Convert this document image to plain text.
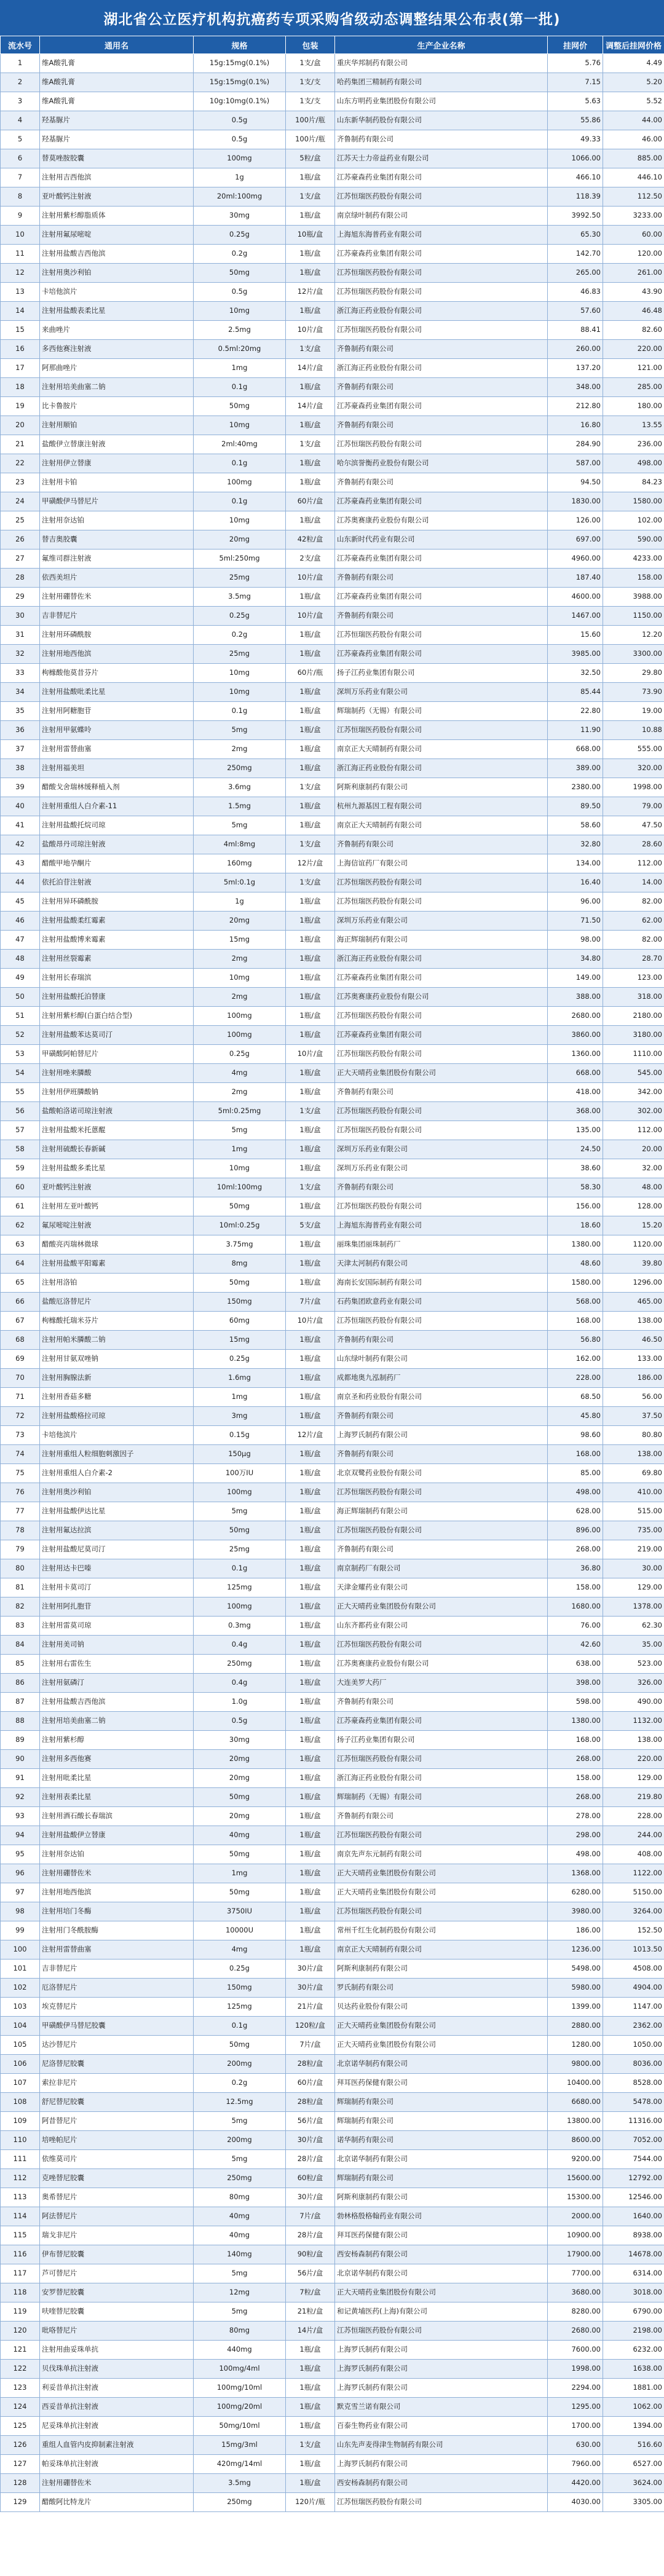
湖北省公立医疗机构抗癌药专项采购省级动态调整结果公布表(第一批)
流水号	通用名	规格	包装	生产企业名称	挂网价	调整后挂网价格
1	维A酸乳膏	15g:15mg(0.1%)	1支/盒	重庆华邦制药有限公司	5.76	4.49
2	维A酸乳膏	15g:15mg(0.1%)	1支/支	哈药集团三精制药有限公司	7.15	5.20
3	维A酸乳膏	10g:10mg(0.1%)	1支/支	山东方明药业集团股份有限公司	5.63	5.52
4	羟基脲片	0.5g	100片/瓶	山东新华制药股份有限公司	55.86	44.00
5	羟基脲片	0.5g	100片/瓶	齐鲁制药有限公司	49.33	46.00
6	替莫唑胺胶囊	100mg	5粒/盒	江苏天士力帝益药业有限公司	1066.00	885.00
7	注射用吉西他滨	1g	1瓶/盒	江苏豪森药业集团有限公司	466.10	446.10
8	亚叶酸钙注射液	20ml:100mg	1支/盒	江苏恒瑞医药股份有限公司	118.39	112.50
9	注射用紫杉醇脂质体	30mg	1瓶/盒	南京绿叶制药有限公司	3992.50	3233.00
10	注射用氟尿嘧啶	0.25g	10瓶/盒	上海旭东海普药业有限公司	65.30	60.00
11	注射用盐酸吉西他滨	0.2g	1瓶/盒	江苏豪森药业集团有限公司	142.70	120.00
12	注射用奥沙利铂	50mg	1瓶/盒	江苏恒瑞医药股份有限公司	265.00	261.00
13	卡培他滨片	0.5g	12片/盒	江苏恒瑞医药股份有限公司	46.83	43.90
14	注射用盐酸表柔比星	10mg	1瓶/盒	浙江海正药业股份有限公司	57.60	46.48
15	来曲唑片	2.5mg	10片/盒	江苏恒瑞医药股份有限公司	88.41	82.60
16	多西他赛注射液	0.5ml:20mg	1支/盒	齐鲁制药有限公司	260.00	220.00
17	阿那曲唑片	1mg	14片/盒	浙江海正药业股份有限公司	137.20	121.00
18	注射用培美曲塞二钠	0.1g	1瓶/盒	齐鲁制药有限公司	348.00	285.00
19	比卡鲁胺片	50mg	14片/盒	江苏豪森药业集团有限公司	212.80	180.00
20	注射用顺铂	10mg	1瓶/盒	齐鲁制药有限公司	16.80	13.55
21	盐酸伊立替康注射液	2ml:40mg	1支/盒	江苏恒瑞医药股份有限公司	284.90	236.00
22	注射用伊立替康	0.1g	1瓶/盒	哈尔滨誉衡药业股份有限公司	587.00	498.00
23	注射用卡铂	100mg	1瓶/盒	齐鲁制药有限公司	94.50	84.23
24	甲磺酸伊马替尼片	0.1g	60片/盒	江苏豪森药业集团有限公司	1830.00	1580.00
25	注射用奈达铂	10mg	1瓶/盒	江苏奥赛康药业股份有限公司	126.00	102.00
26	替吉奥胶囊	20mg	42粒/盒	山东新时代药业有限公司	697.00	590.00
27	氟维司群注射液	5ml:250mg	2支/盒	江苏豪森药业集团有限公司	4960.00	4233.00
28	依西美坦片	25mg	10片/盒	齐鲁制药有限公司	187.40	158.00
29	注射用硼替佐米	3.5mg	1瓶/盒	江苏豪森药业集团有限公司	4600.00	3988.00
30	吉非替尼片	0.25g	10片/盒	齐鲁制药有限公司	1467.00	1150.00
31	注射用环磷酰胺	0.2g	1瓶/盒	江苏恒瑞医药股份有限公司	15.60	12.20
32	注射用地西他滨	25mg	1瓶/盒	江苏豪森药业集团有限公司	3985.00	3300.00
33	枸橼酸他莫昔芬片	10mg	60片/瓶	扬子江药业集团有限公司	32.50	29.80
34	注射用盐酸吡柔比星	10mg	1瓶/盒	深圳万乐药业有限公司	85.44	73.90
35	注射用阿糖胞苷	0.1g	1瓶/盒	辉瑞制药（无锡）有限公司	22.80	19.00
36	注射用甲氨蝶呤	5mg	1瓶/盒	江苏恒瑞医药股份有限公司	11.90	10.88
37	注射用雷替曲塞	2mg	1瓶/盒	南京正大天晴制药有限公司	668.00	555.00
38	注射用福美坦	250mg	1瓶/盒	浙江海正药业股份有限公司	389.00	320.00
39	醋酸戈舍瑞林缓释植入剂	3.6mg	1支/盒	阿斯利康制药有限公司	2380.00	1998.00
40	注射用重组人白介素-11	1.5mg	1瓶/盒	杭州九源基因工程有限公司	89.50	79.00
41	注射用盐酸托烷司琼	5mg	1瓶/盒	南京正大天晴制药有限公司	58.60	47.50
42	盐酸昂丹司琼注射液	4ml:8mg	1支/盒	齐鲁制药有限公司	32.80	28.60
43	醋酸甲地孕酮片	160mg	12片/盒	上海信谊药厂有限公司	134.00	112.00
44	依托泊苷注射液	5ml:0.1g	1支/盒	江苏恒瑞医药股份有限公司	16.40	14.00
45	注射用异环磷酰胺	1g	1瓶/盒	江苏恒瑞医药股份有限公司	96.00	82.00
46	注射用盐酸柔红霉素	20mg	1瓶/盒	深圳万乐药业有限公司	71.50	62.00
47	注射用盐酸博来霉素	15mg	1瓶/盒	海正辉瑞制药有限公司	98.00	82.00
48	注射用丝裂霉素	2mg	1瓶/盒	浙江海正药业股份有限公司	34.80	28.70
49	注射用长春瑞滨	10mg	1瓶/盒	江苏豪森药业集团有限公司	149.00	123.00
50	注射用盐酸托泊替康	2mg	1瓶/盒	江苏奥赛康药业股份有限公司	388.00	318.00
51	注射用紫杉醇(白蛋白结合型)	100mg	1瓶/盒	江苏恒瑞医药股份有限公司	2680.00	2180.00
52	注射用盐酸苯达莫司汀	100mg	1瓶/盒	江苏豪森药业集团有限公司	3860.00	3180.00
53	甲磺酸阿帕替尼片	0.25g	10片/盒	江苏恒瑞医药股份有限公司	1360.00	1110.00
54	注射用唑来膦酸	4mg	1瓶/盒	正大天晴药业集团股份有限公司	668.00	545.00
55	注射用伊班膦酸钠	2mg	1瓶/盒	齐鲁制药有限公司	418.00	342.00
56	盐酸帕洛诺司琼注射液	5ml:0.25mg	1支/盒	江苏恒瑞医药股份有限公司	368.00	302.00
57	注射用盐酸米托蒽醌	5mg	1瓶/盒	江苏恒瑞医药股份有限公司	135.00	112.00
58	注射用硫酸长春新碱	1mg	1瓶/盒	深圳万乐药业有限公司	24.50	20.00
59	注射用盐酸多柔比星	10mg	1瓶/盒	深圳万乐药业有限公司	38.60	32.00
60	亚叶酸钙注射液	10ml:100mg	1支/盒	齐鲁制药有限公司	58.30	48.00
61	注射用左亚叶酸钙	50mg	1瓶/盒	江苏恒瑞医药股份有限公司	156.00	128.00
62	氟尿嘧啶注射液	10ml:0.25g	5支/盒	上海旭东海普药业有限公司	18.60	15.20
63	醋酸亮丙瑞林微球	3.75mg	1瓶/盒	丽珠集团丽珠制药厂	1380.00	1120.00
64	注射用盐酸平阳霉素	8mg	1瓶/盒	天津太河制药有限公司	48.60	39.80
65	注射用洛铂	50mg	1瓶/盒	海南长安国际制药有限公司	1580.00	1296.00
66	盐酸厄洛替尼片	150mg	7片/盒	石药集团欧意药业有限公司	568.00	465.00
67	枸橼酸托瑞米芬片	60mg	10片/盒	江苏恒瑞医药股份有限公司	168.00	138.00
68	注射用帕米膦酸二钠	15mg	1瓶/盒	齐鲁制药有限公司	56.80	46.50
69	注射用甘氨双唑钠	0.25g	1瓶/盒	山东绿叶制药有限公司	162.00	133.00
70	注射用胸腺法新	1.6mg	1瓶/盒	成都地奥九泓制药厂	228.00	186.00
71	注射用香菇多糖	1mg	1瓶/盒	南京圣和药业股份有限公司	68.50	56.00
72	注射用盐酸格拉司琼	3mg	1瓶/盒	齐鲁制药有限公司	45.80	37.50
73	卡培他滨片	0.15g	12片/盒	上海罗氏制药有限公司	98.60	80.80
74	注射用重组人粒细胞刺激因子	150μg	1瓶/盒	齐鲁制药有限公司	168.00	138.00
75	注射用重组人白介素-2	100万IU	1瓶/盒	北京双鹭药业股份有限公司	85.00	69.80
76	注射用奥沙利铂	100mg	1瓶/盒	江苏恒瑞医药股份有限公司	498.00	410.00
77	注射用盐酸伊达比星	5mg	1瓶/盒	海正辉瑞制药有限公司	628.00	515.00
78	注射用氟达拉滨	50mg	1瓶/盒	江苏恒瑞医药股份有限公司	896.00	735.00
79	注射用盐酸尼莫司汀	25mg	1瓶/盒	齐鲁制药有限公司	268.00	219.00
80	注射用达卡巴嗪	0.1g	1瓶/盒	南京制药厂有限公司	36.80	30.00
81	注射用卡莫司汀	125mg	1瓶/盒	天津金耀药业有限公司	158.00	129.00
82	注射用阿扎胞苷	100mg	1瓶/盒	正大天晴药业集团股份有限公司	1680.00	1378.00
83	注射用雷莫司琼	0.3mg	1瓶/盒	山东齐都药业有限公司	76.00	62.30
84	注射用美司钠	0.4g	1瓶/盒	江苏恒瑞医药股份有限公司	42.60	35.00
85	注射用右雷佐生	250mg	1瓶/盒	江苏奥赛康药业股份有限公司	638.00	523.00
86	注射用氨磷汀	0.4g	1瓶/盒	大连美罗大药厂	398.00	326.00
87	注射用盐酸吉西他滨	1.0g	1瓶/盒	齐鲁制药有限公司	598.00	490.00
88	注射用培美曲塞二钠	0.5g	1瓶/盒	江苏豪森药业集团有限公司	1380.00	1132.00
89	注射用紫杉醇	30mg	1瓶/盒	扬子江药业集团有限公司	168.00	138.00
90	注射用多西他赛	20mg	1瓶/盒	江苏恒瑞医药股份有限公司	268.00	220.00
91	注射用吡柔比星	20mg	1瓶/盒	浙江海正药业股份有限公司	158.00	129.00
92	注射用表柔比星	50mg	1瓶/盒	辉瑞制药（无锡）有限公司	268.00	219.80
93	注射用酒石酸长春瑞滨	20mg	1瓶/盒	齐鲁制药有限公司	278.00	228.00
94	注射用盐酸伊立替康	40mg	1瓶/盒	江苏恒瑞医药股份有限公司	298.00	244.00
95	注射用奈达铂	50mg	1瓶/盒	南京先声东元制药有限公司	498.00	408.00
96	注射用硼替佐米	1mg	1瓶/盒	正大天晴药业集团股份有限公司	1368.00	1122.00
97	注射用地西他滨	50mg	1瓶/盒	正大天晴药业集团股份有限公司	6280.00	5150.00
98	注射用培门冬酶	3750IU	1瓶/盒	江苏恒瑞医药股份有限公司	3980.00	3264.00
99	注射用门冬酰胺酶	10000U	1瓶/盒	常州千红生化制药股份有限公司	186.00	152.50
100	注射用雷替曲塞	4mg	1瓶/盒	南京正大天晴制药有限公司	1236.00	1013.50
101	吉非替尼片	0.25g	30片/盒	阿斯利康制药有限公司	5498.00	4508.00
102	厄洛替尼片	150mg	30片/盒	罗氏制药有限公司	5980.00	4904.00
103	埃克替尼片	125mg	21片/盒	贝达药业股份有限公司	1399.00	1147.00
104	甲磺酸伊马替尼胶囊	0.1g	120粒/盒	正大天晴药业集团股份有限公司	2880.00	2362.00
105	达沙替尼片	50mg	7片/盒	正大天晴药业集团股份有限公司	1280.00	1050.00
106	尼洛替尼胶囊	200mg	28粒/盒	北京诺华制药有限公司	9800.00	8036.00
107	索拉非尼片	0.2g	60片/盒	拜耳医药保健有限公司	10400.00	8528.00
108	舒尼替尼胶囊	12.5mg	28粒/盒	辉瑞制药有限公司	6680.00	5478.00
109	阿昔替尼片	5mg	56片/盒	辉瑞制药有限公司	13800.00	11316.00
110	培唑帕尼片	200mg	30片/盒	诺华制药有限公司	8600.00	7052.00
111	依维莫司片	5mg	28片/盒	北京诺华制药有限公司	9200.00	7544.00
112	克唑替尼胶囊	250mg	60粒/盒	辉瑞制药有限公司	15600.00	12792.00
113	奥希替尼片	80mg	30片/盒	阿斯利康制药有限公司	15300.00	12546.00
114	阿法替尼片	40mg	7片/盒	勃林格殷格翰药业有限公司	2000.00	1640.00
115	瑞戈非尼片	40mg	28片/盒	拜耳医药保健有限公司	10900.00	8938.00
116	伊布替尼胶囊	140mg	90粒/盒	西安杨森制药有限公司	17900.00	14678.00
117	芦可替尼片	5mg	56片/盒	北京诺华制药有限公司	7700.00	6314.00
118	安罗替尼胶囊	12mg	7粒/盒	正大天晴药业集团股份有限公司	3680.00	3018.00
119	呋喹替尼胶囊	5mg	21粒/盒	和记黄埔医药(上海)有限公司	8280.00	6790.00
120	吡咯替尼片	80mg	14片/盒	江苏恒瑞医药股份有限公司	2680.00	2198.00
121	注射用曲妥珠单抗	440mg	1瓶/盒	上海罗氏制药有限公司	7600.00	6232.00
122	贝伐珠单抗注射液	100mg/4ml	1瓶/盒	上海罗氏制药有限公司	1998.00	1638.00
123	利妥昔单抗注射液	100mg/10ml	1瓶/盒	上海罗氏制药有限公司	2294.00	1881.00
124	西妥昔单抗注射液	100mg/20ml	1瓶/盒	默克雪兰诺有限公司	1295.00	1062.00
125	尼妥珠单抗注射液	50mg/10ml	1瓶/盒	百泰生物药业有限公司	1700.00	1394.00
126	重组人血管内皮抑制素注射液	15mg/3ml	1支/盒	山东先声麦得津生物制药有限公司	630.00	516.60
127	帕妥珠单抗注射液	420mg/14ml	1瓶/盒	上海罗氏制药有限公司	7960.00	6527.00
128	注射用硼替佐米	3.5mg	1瓶/盒	西安杨森制药有限公司	4420.00	3624.00
129	醋酸阿比特龙片	250mg	120片/瓶	江苏恒瑞医药股份有限公司	4030.00	3305.00
